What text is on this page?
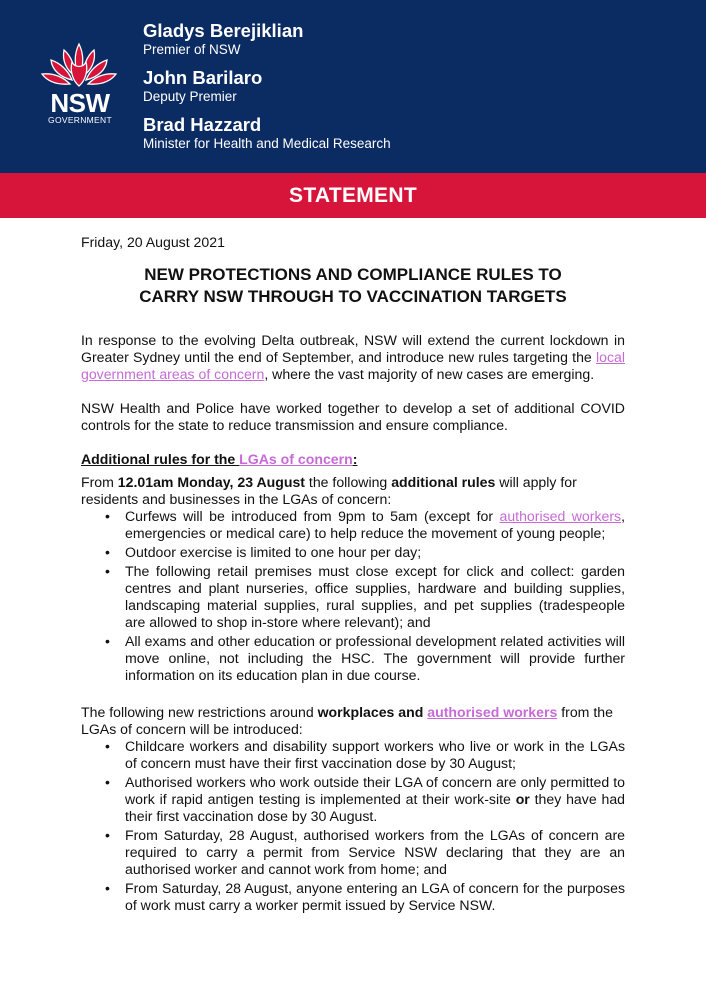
NSW
GOVERNMENT
Gladys Berejiklian
Premier of NSW
John Barilaro
Deputy Premier
Brad Hazzard
Minister for Health and Medical Research
STATEMENT
Friday, 20 August 2021
NEW PROTECTIONS AND COMPLIANCE RULES TO
CARRY NSW THROUGH TO VACCINATION TARGETS

In response to the evolving Delta outbreak, NSW will extend the current lockdown in Greater Sydney until the end of September, and introduce new rules targeting the local government areas of concern, where the vast majority of new cases are emerging.

NSW Health and Police have worked together to develop a set of additional COVID controls for the state to reduce transmission and ensure compliance.

Additional rules for the LGAs of concern:

From 12.01am Monday, 23 August the following additional rules will apply for residents and businesses in the LGAs of concern:

• Curfews will be introduced from 9pm to 5am (except for authorised workers, emergencies or medical care) to help reduce the movement of young people;
• Outdoor exercise is limited to one hour per day;
• The following retail premises must close except for click and collect: garden centres and plant nurseries, office supplies, hardware and building supplies, landscaping material supplies, rural supplies, and pet supplies (tradespeople are allowed to shop in-store where relevant); and
• All exams and other education or professional development related activities will move online, not including the HSC. The government will provide further information on its education plan in due course.

The following new restrictions around workplaces and authorised workers from the LGAs of concern will be introduced:

• Childcare workers and disability support workers who live or work in the LGAs of concern must have their first vaccination dose by 30 August;
• Authorised workers who work outside their LGA of concern are only permitted to work if rapid antigen testing is implemented at their work-site or they have had their first vaccination dose by 30 August.
• From Saturday, 28 August, authorised workers from the LGAs of concern are required to carry a permit from Service NSW declaring that they are an authorised worker and cannot work from home; and
• From Saturday, 28 August, anyone entering an LGA of concern for the purposes of work must carry a worker permit issued by Service NSW.
